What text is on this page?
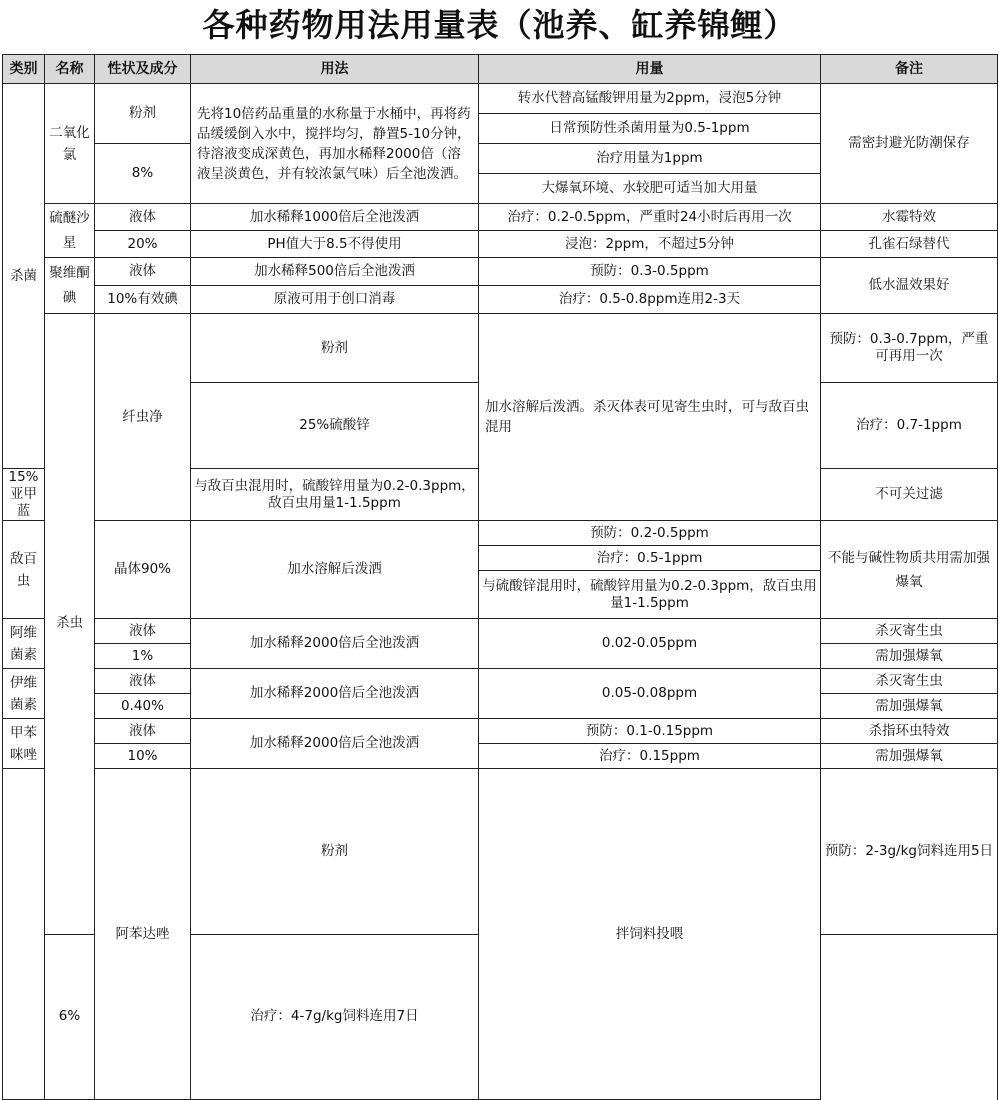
各种药物用法用量表（池养、缸养锦鲤）
类别	名称	性状及成分	用法	用量	备注	
杀菌	二氧化氯	粉剂	先将10倍药品重量的水称量于水桶中，再将药品缓缓倒入水中，搅拌均匀，静置5-10分钟，待溶液变成深黄色，再加水稀释2000倍（溶液呈淡黄色，并有较浓氯气味）后全池泼洒。	转水代替高锰酸钾用量为2ppm，浸泡5分钟	需密封避光防潮保存	
				日常预防性杀菌用量为0.5-1ppm		
		8%		治疗用量为1ppm		
				大爆氧环境、水较肥可适当加大用量		
	硫醚沙星	液体	加水稀释1000倍后全池泼洒	治疗：0.2-0.5ppm，严重时24小时后再用一次	水霉特效	
		20%	PH值大于8.5不得使用	浸泡：2ppm，不超过5分钟	孔雀石绿替代	
	聚维酮碘	液体	加水稀释500倍后全池泼洒	预防：0.3-0.5ppm	低水温效果好	
		10%有效碘	原液可用于创口消毒	治疗：0.5-0.8ppm连用2-3天		
	杀虫	纤虫净	粉剂	加水溶解后泼洒。杀灭体表可见寄生虫时，可与敌百虫混用	预防：0.3-0.7ppm，严重可再用一次	
			25%硫酸锌		治疗：0.7-1ppm	
15%亚甲蓝			与敌百虫混用时，硫酸锌用量为0.2-0.3ppm，敌百虫用量1-1.5ppm		不可关过滤	
敌百虫		晶体90%	加水溶解后泼洒	预防：0.2-0.5ppm	不能与碱性物质共用需加强爆氧	
				治疗：0.5-1ppm		
				与硫酸锌混用时，硫酸锌用量为0.2-0.3ppm，敌百虫用量1-1.5ppm		
阿维菌素		液体	加水稀释2000倍后全池泼洒	0.02-0.05ppm	杀灭寄生虫	
		1%			需加强爆氧	
伊维菌素		液体	加水稀释2000倍后全池泼洒	0.05-0.08ppm	杀灭寄生虫	
		0.40%			需加强爆氧	
甲苯咪唑		液体	加水稀释2000倍后全池泼洒	预防：0.1-0.15ppm	杀指环虫特效	
		10%		治疗：0.15ppm	需加强爆氧	
		阿苯达唑	粉剂	拌饲料投喂	预防：2-3g/kg饲料连用5日	
	6%		治疗：4-7g/kg饲料连用7日			
